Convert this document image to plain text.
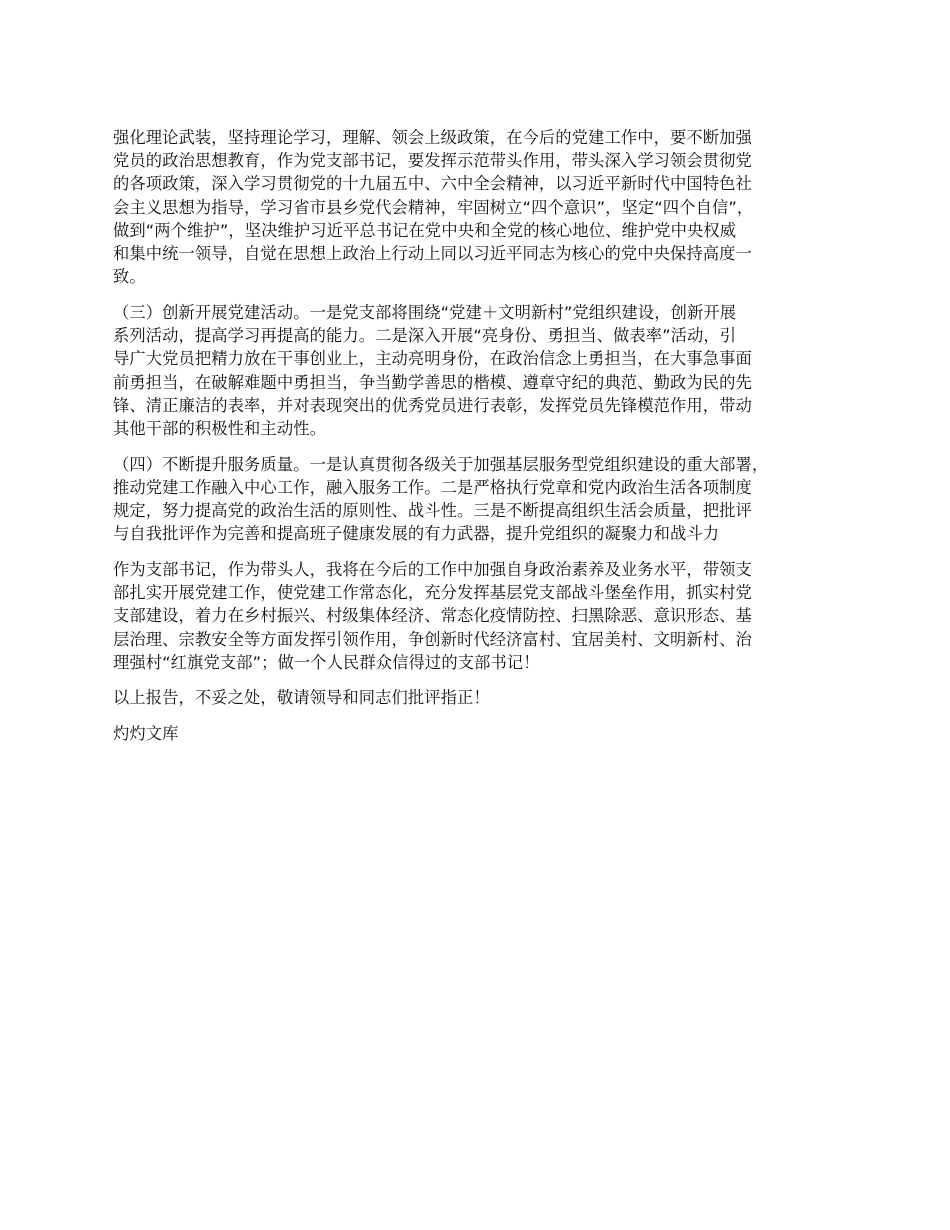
强化理论武装，坚持理论学习，理解、领会上级政策，在今后的党建工作中，要不断加强
党员的政治思想教育，作为党支部书记，要发挥示范带头作用，带头深入学习领会贯彻党
的各项政策，深入学习贯彻党的十九届五中、六中全会精神，以习近平新时代中国特色社
会主义思想为指导，学习省市县乡党代会精神，牢固树立“四个意识”，坚定“四个自信”，
做到“两个维护”，坚决维护习近平总书记在党中央和全党的核心地位、维护党中央权威
和集中统一领导，自觉在思想上政治上行动上同以习近平同志为核心的党中央保持高度一
致。

（三）创新开展党建活动。一是党支部将围绕“党建＋文明新村”党组织建设，创新开展
系列活动，提高学习再提高的能力。二是深入开展“亮身份、勇担当、做表率”活动，引
导广大党员把精力放在干事创业上，主动亮明身份，在政治信念上勇担当，在大事急事面
前勇担当，在破解难题中勇担当，争当勤学善思的楷模、遵章守纪的典范、勤政为民的先
锋、清正廉洁的表率，并对表现突出的优秀党员进行表彰，发挥党员先锋模范作用，带动
其他干部的积极性和主动性。

（四）不断提升服务质量。一是认真贯彻各级关于加强基层服务型党组织建设的重大部署，
推动党建工作融入中心工作，融入服务工作。二是严格执行党章和党内政治生活各项制度
规定，努力提高党的政治生活的原则性、战斗性。三是不断提高组织生活会质量，把批评
与自我批评作为完善和提高班子健康发展的有力武器，提升党组织的凝聚力和战斗力

作为支部书记，作为带头人，我将在今后的工作中加强自身政治素养及业务水平，带领支
部扎实开展党建工作，使党建工作常态化，充分发挥基层党支部战斗堡垒作用，抓实村党
支部建设，着力在乡村振兴、村级集体经济、常态化疫情防控、扫黑除恶、意识形态、基
层治理、宗教安全等方面发挥引领作用，争创新时代经济富村、宜居美村、文明新村、治
理强村“红旗党支部”；做一个人民群众信得过的支部书记！

以上报告，不妥之处，敬请领导和同志们批评指正！

灼灼文库
